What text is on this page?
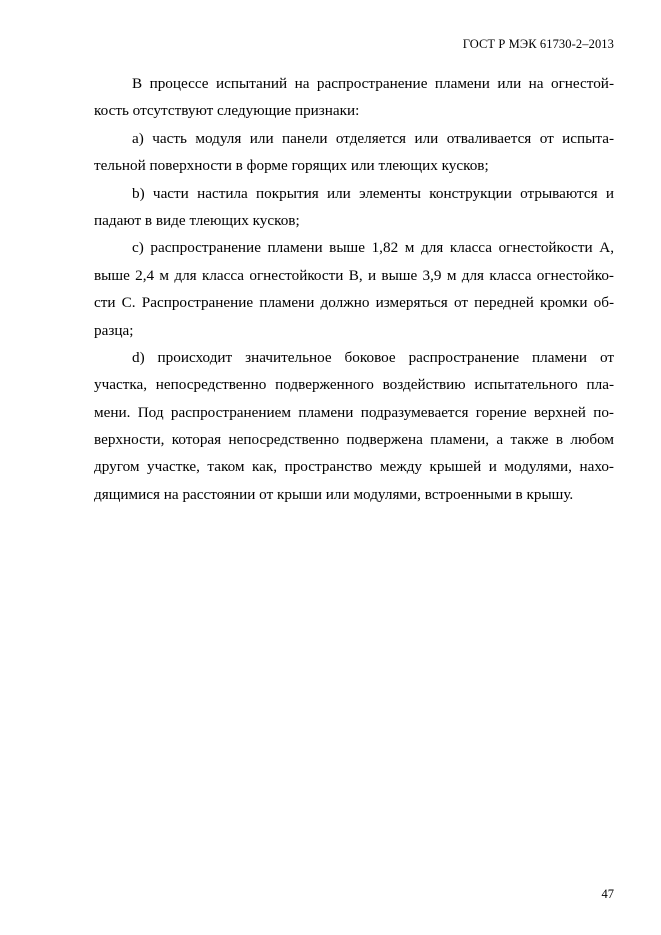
ГОСТ Р МЭК 61730-2–2013
В процессе испытаний на распространение пламени или на огнестой-
кость отсутствуют следующие признаки:
а) часть модуля или панели отделяется или отваливается от испыта-
тельной поверхности в форме горящих или тлеющих кусков;
b) части настила покрытия или элементы конструкции отрываются и
падают в виде тлеющих кусков;
с) распространение пламени выше 1,82 м для класса огнестойкости А,
выше 2,4 м для класса огнестойкости В, и выше 3,9 м для класса огнестойко-
сти С. Распространение пламени должно измеряться от передней кромки об-
разца;
d) происходит значительное боковое распространение пламени от
участка, непосредственно подверженного воздействию испытательного пла-
мени. Под распространением пламени подразумевается горение верхней по-
верхности, которая непосредственно подвержена пламени, а также в любом
другом участке, таком как, пространство между крышей и модулями, нахо-
дящимися на расстоянии от крыши или модулями, встроенными в крышу.
47
